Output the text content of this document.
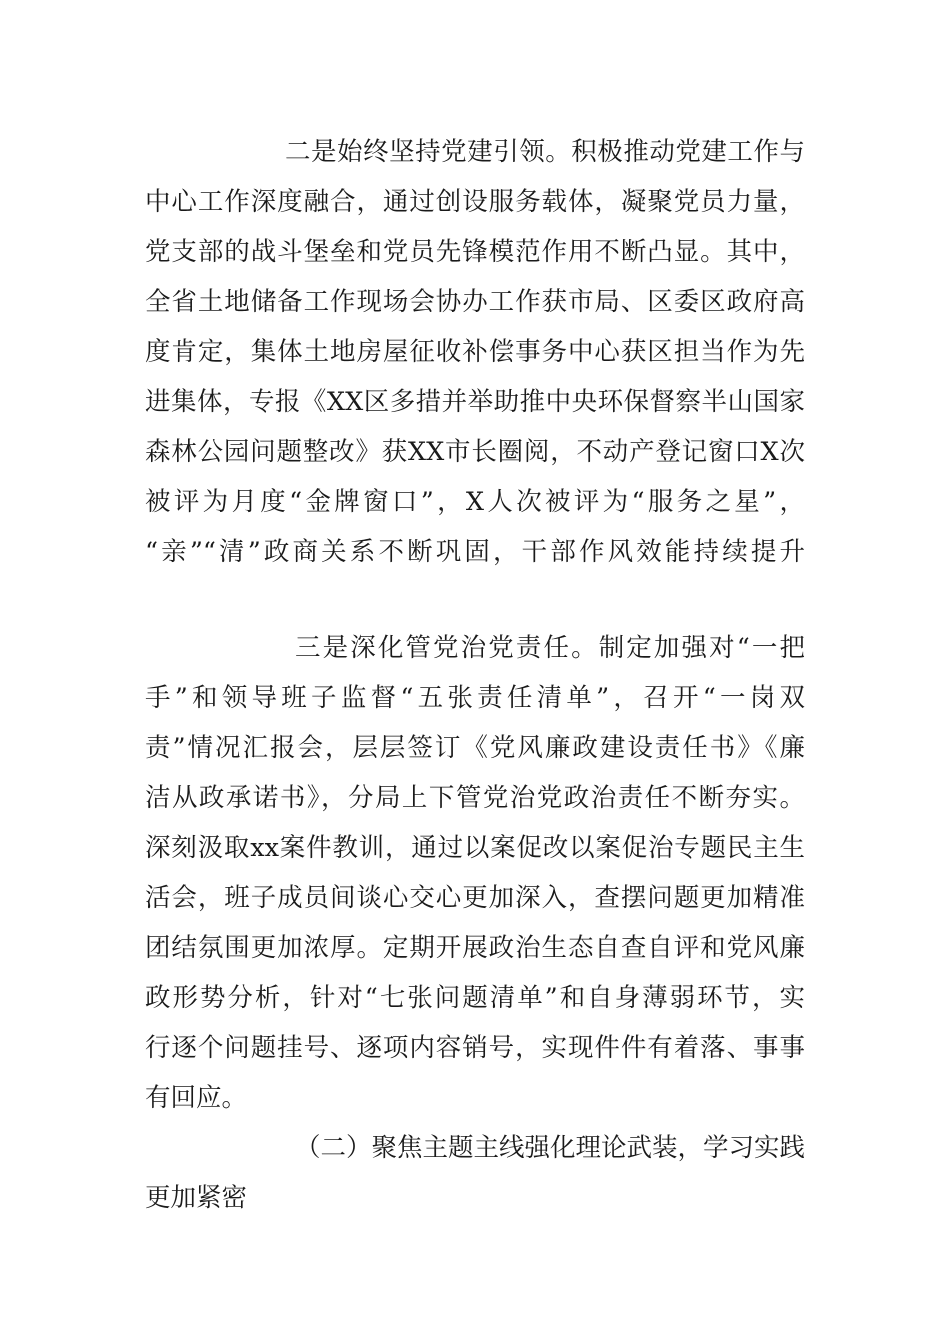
二是始终坚持党建引领。积极推动党建工作与
中心工作深度融合，通过创设服务载体，凝聚党员力量，
党支部的战斗堡垒和党员先锋模范作用不断凸显。其中，
全省土地储备工作现场会协办工作获市局、区委区政府高
度肯定，集体土地房屋征收补偿事务中心获区担当作为先
进集体，专报《XX区多措并举助推中央环保督察半山国家
森林公园问题整改》获XX市长圈阅，不动产登记窗口X次
被评为月度“金牌窗口”，X人次被评为“服务之星”，
“亲”“清”政商关系不断巩固，干部作风效能持续提升
三是深化管党治党责任。制定加强对“一把
手”和领导班子监督“五张责任清单”，召开“一岗双
责”情况汇报会，层层签订《党风廉政建设责任书》《廉
洁从政承诺书》，分局上下管党治党政治责任不断夯实。
深刻汲取xx案件教训，通过以案促改以案促治专题民主生
活会，班子成员间谈心交心更加深入，查摆问题更加精准
团结氛围更加浓厚。定期开展政治生态自查自评和党风廉
政形势分析，针对“七张问题清单”和自身薄弱环节，实
行逐个问题挂号、逐项内容销号，实现件件有着落、事事
有回应。
（二）聚焦主题主线强化理论武装，学习实践
更加紧密
